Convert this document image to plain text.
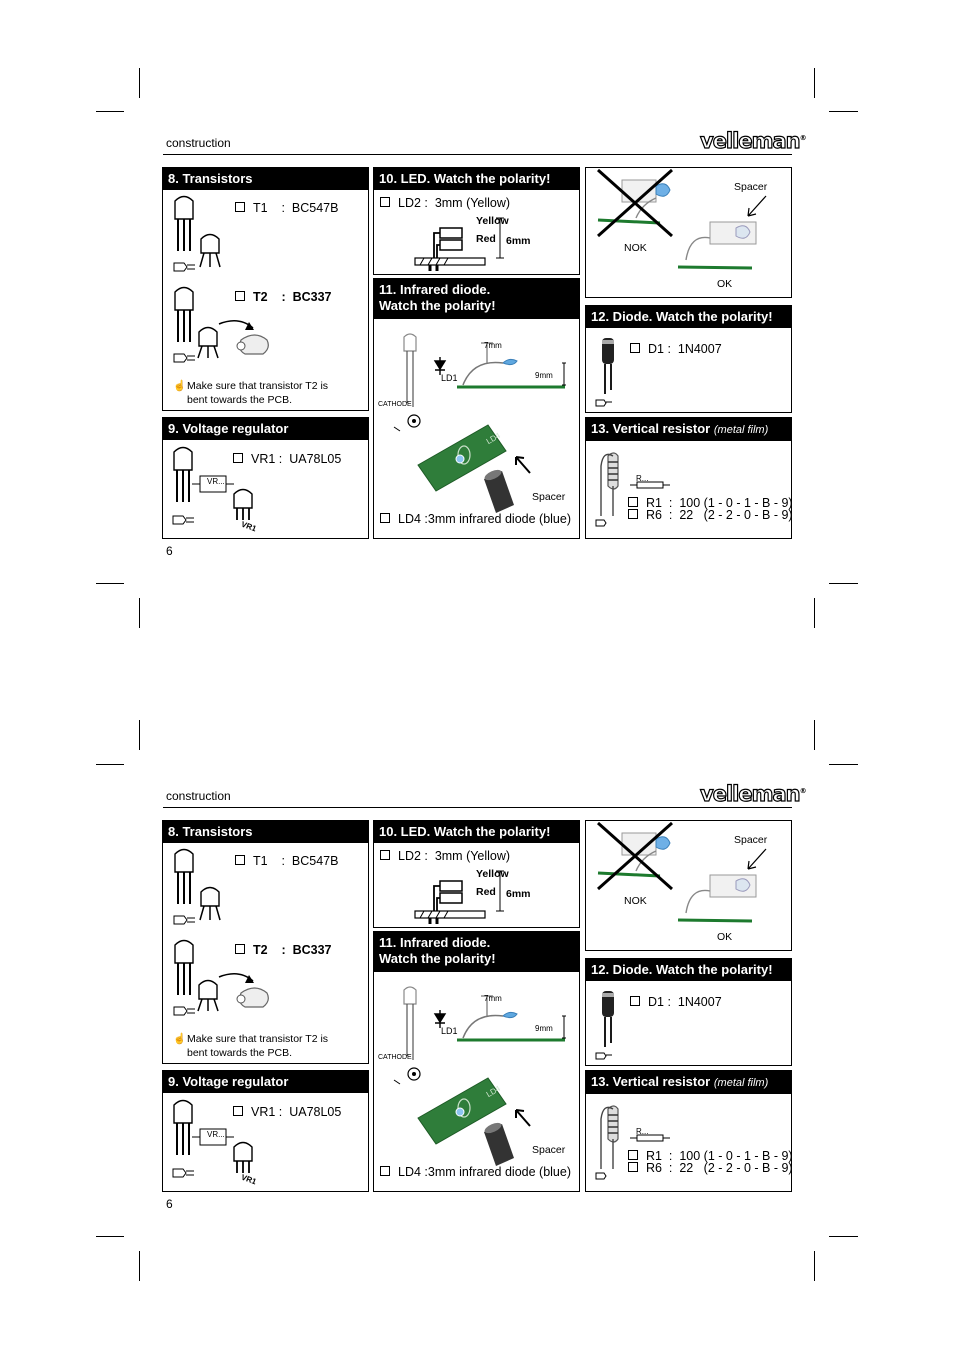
construction	velleman®
8. Transistors
T1    :  BC547B
T2    :  BC337
☝ Make sure that transistor T2 is
bent towards the PCB.
9. Voltage regulator
VR1 :  UA78L05
VR...
VR1
10. LED. Watch the polarity!
LD2 :  3mm (Yellow)
Yellow
Red 6mm
11. Infrared diode.
Watch the polarity!
7mm
9mm
LD1
CATHODE
LD4
Spacer
LD4 :3mm infrared diode (blue)
Spacer
NOK
OK
12. Diode. Watch the polarity!
D1 :  1N4007
13. Vertical resistor (metal film)
R...
R1  :  100 (1 - 0 - 1 - B - 9)
R6  :  22   (2 - 2 - 0 - B - 9)
6
construction	velleman®
8. Transistors
T1    :  BC547B
T2    :  BC337
☝ Make sure that transistor T2 is
bent towards the PCB.
9. Voltage regulator
VR1 :  UA78L05
VR...
VR1
10. LED. Watch the polarity!
LD2 :  3mm (Yellow)
Yellow
Red 6mm
11. Infrared diode.
Watch the polarity!
7mm
9mm
LD1
CATHODE
LD4
Spacer
LD4 :3mm infrared diode (blue)
Spacer
NOK
OK
12. Diode. Watch the polarity!
D1 :  1N4007
13. Vertical resistor (metal film)
R...
R1  :  100 (1 - 0 - 1 - B - 9)
R6  :  22   (2 - 2 - 0 - B - 9)
6
